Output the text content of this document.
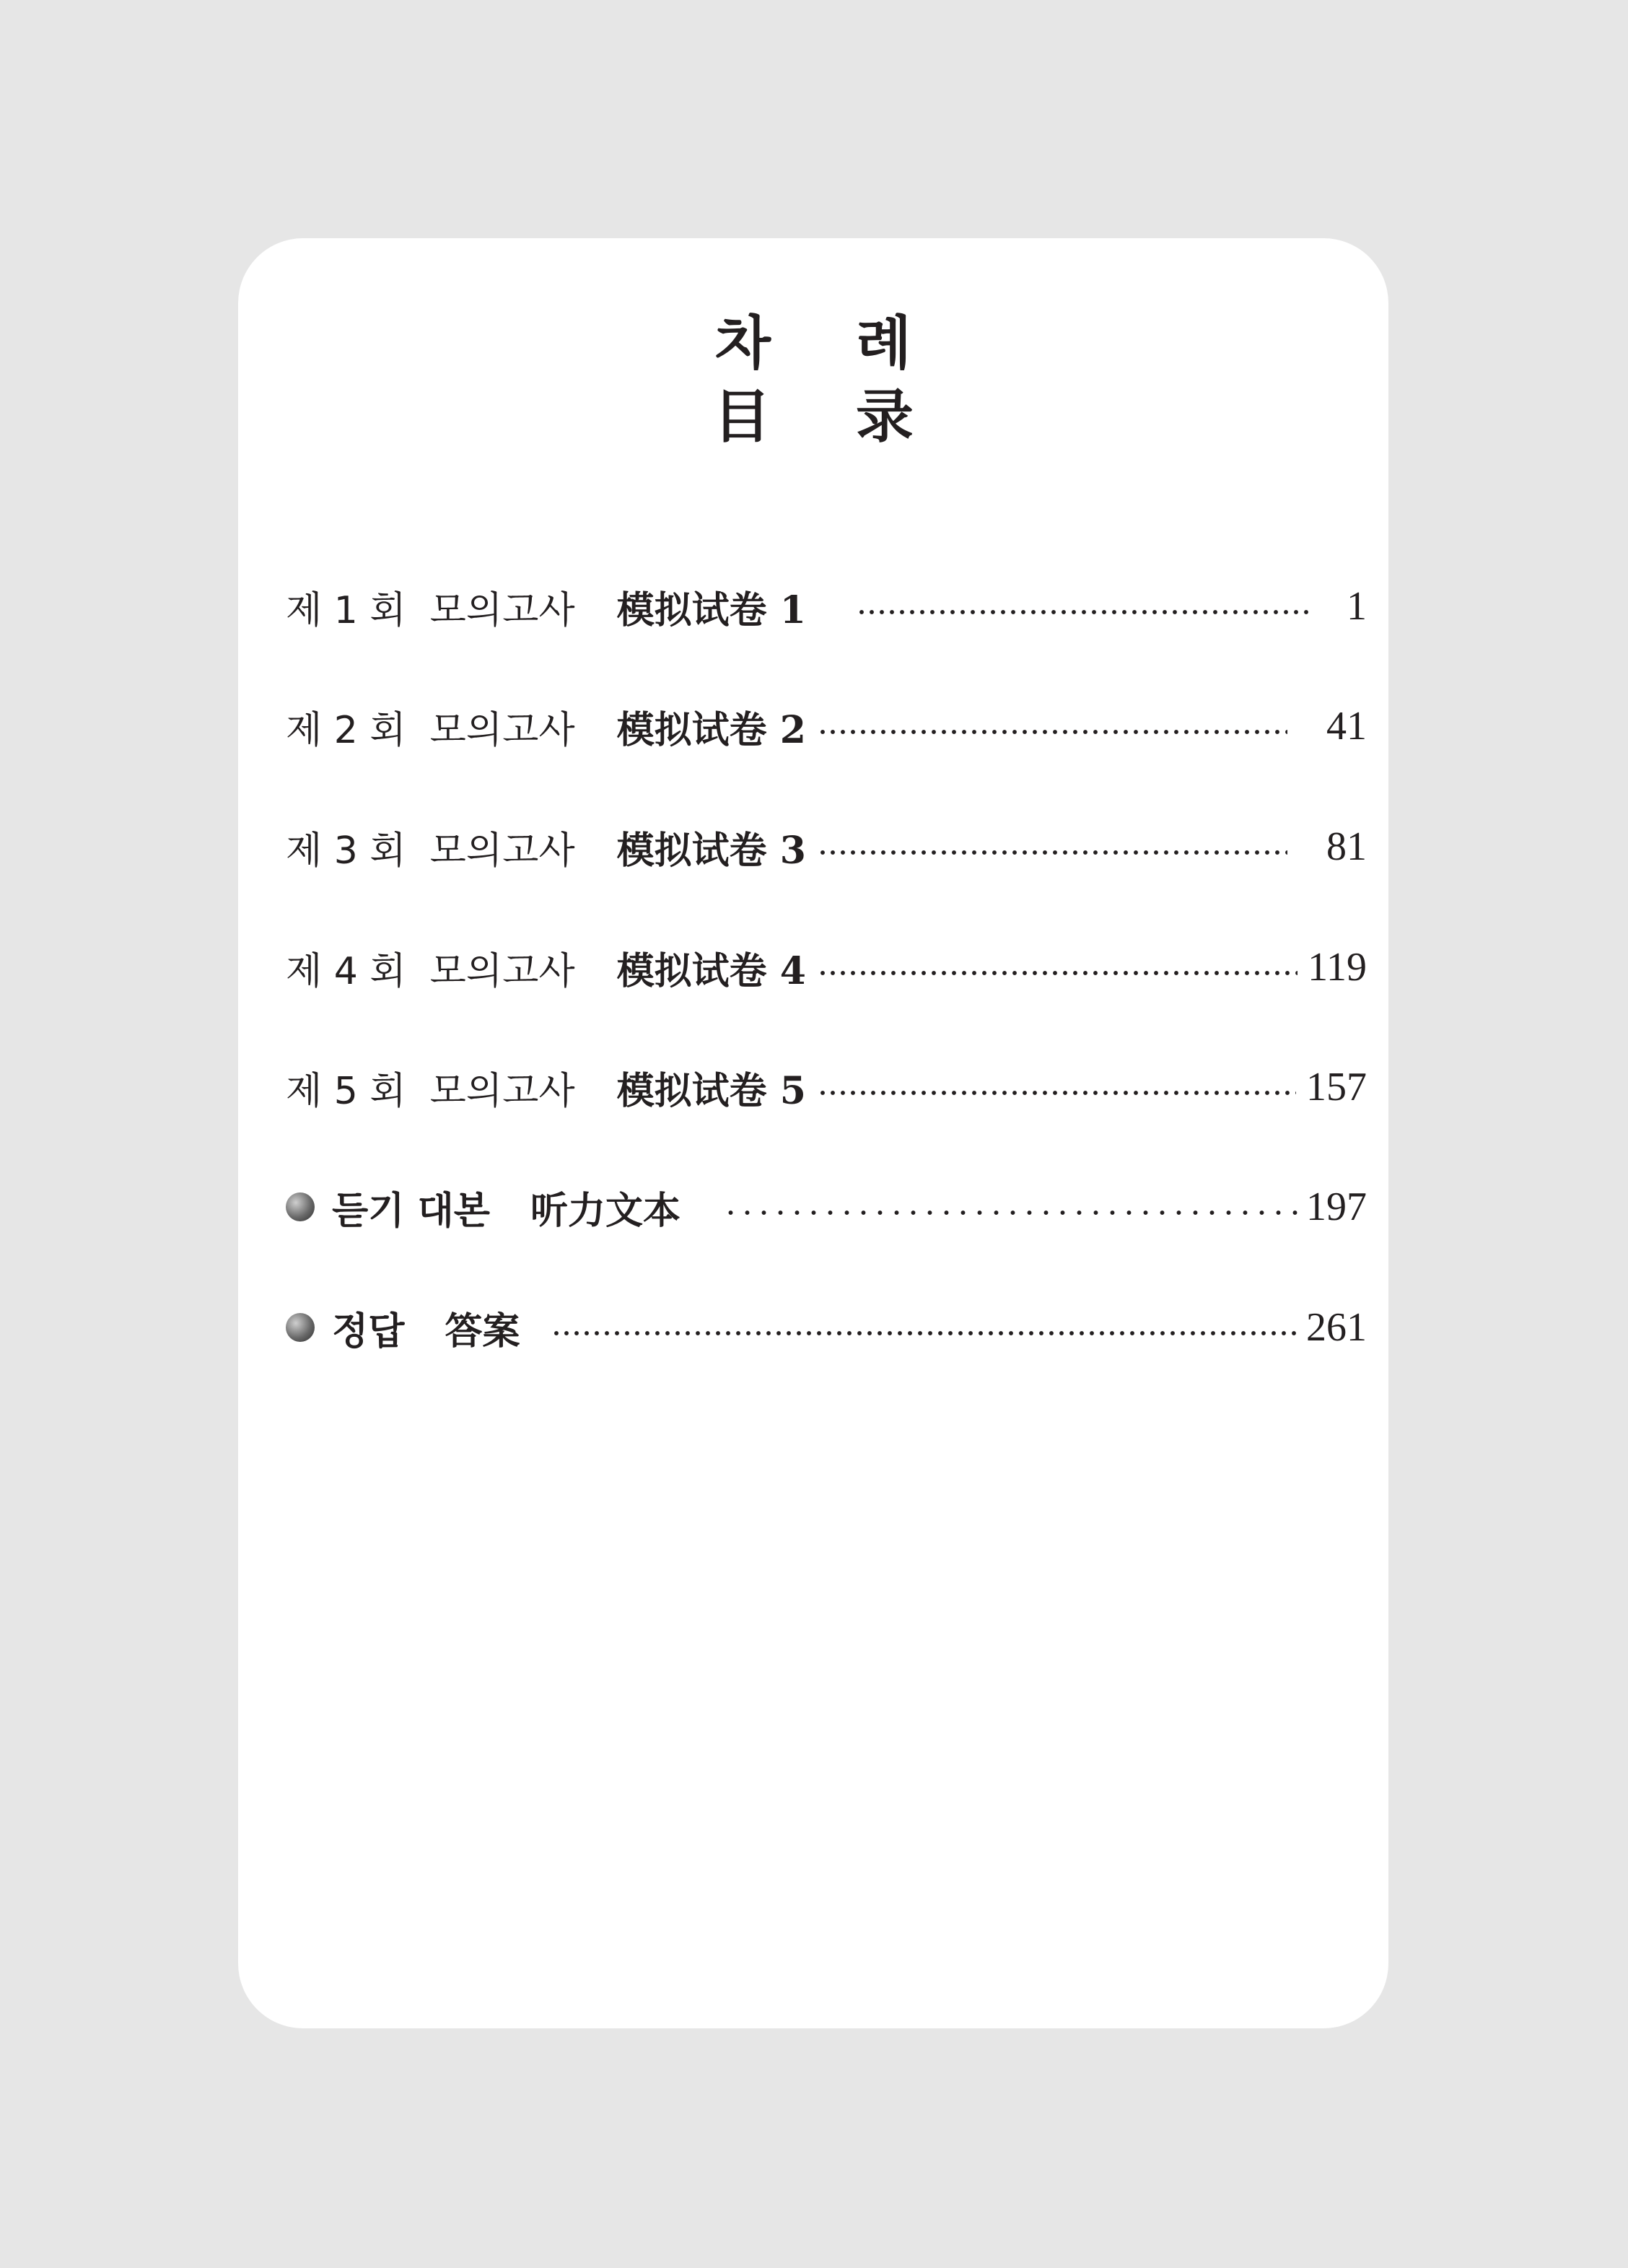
차 례
目 录
제 1 회  모의고사 模拟试卷 1	1
제 2 회  모의고사 模拟试卷 2	41
제 3 회  모의고사 模拟试卷 3	81
제 4 회  모의고사 模拟试卷 4	119
제 5 회  모의고사 模拟试卷 5	157
듣기 대본 听力文本	197
정답 答案	261
